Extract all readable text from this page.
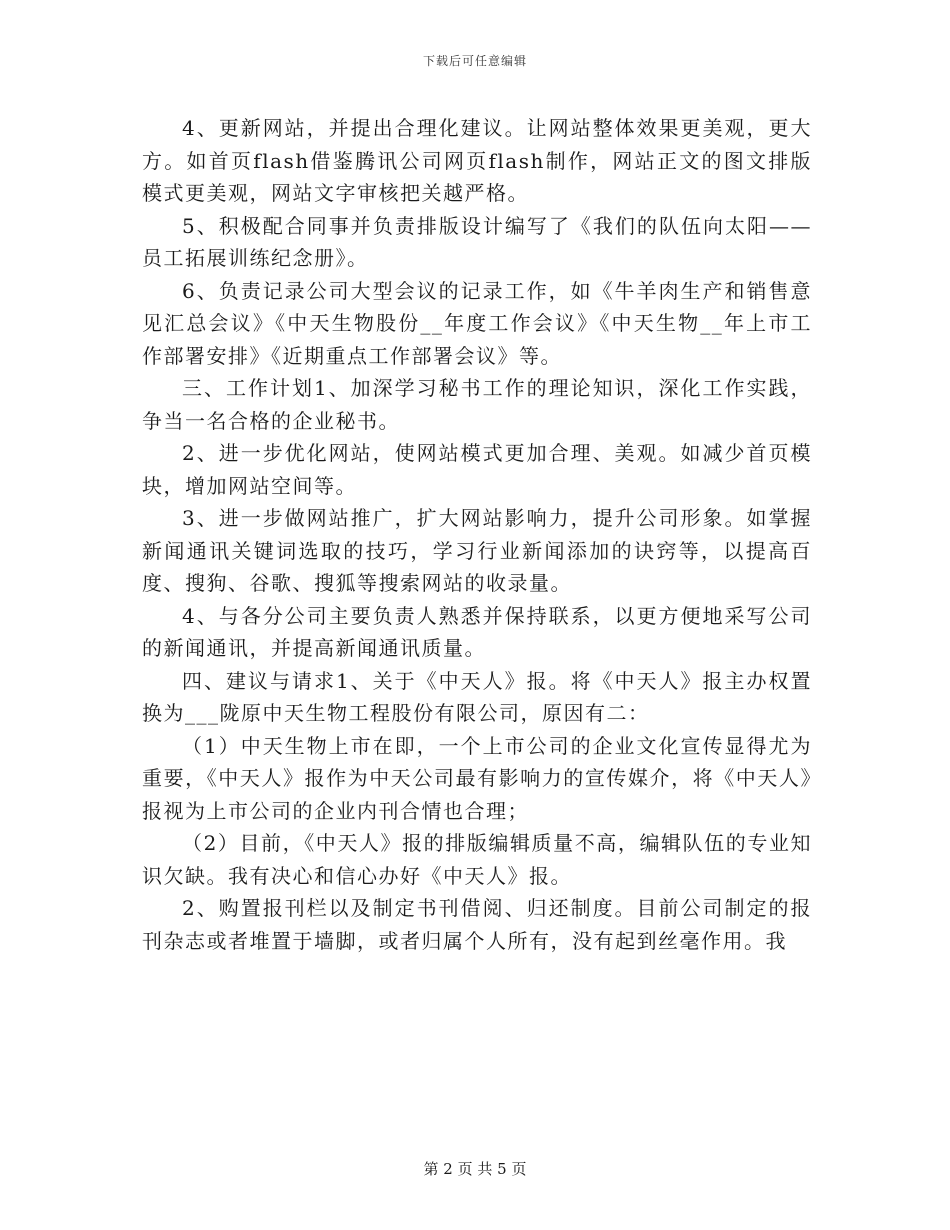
下载后可任意编辑

4、更新网站，并提出合理化建议。让网站整体效果更美观，更大方。如首页flash借鉴腾讯公司网页flash制作，网站正文的图文排版模式更美观，网站文字审核把关越严格。

5、积极配合同事并负责排版设计编写了《我们的队伍向太阳——员工拓展训练纪念册》。

6、负责记录公司大型会议的记录工作，如《牛羊肉生产和销售意见汇总会议》《中天生物股份__年度工作会议》《中天生物__年上市工作部署安排》《近期重点工作部署会议》等。

三、工作计划1、加深学习秘书工作的理论知识，深化工作实践，争当一名合格的企业秘书。

2、进一步优化网站，使网站模式更加合理、美观。如减少首页模块，增加网站空间等。

3、进一步做网站推广，扩大网站影响力，提升公司形象。如掌握新闻通讯关键词选取的技巧，学习行业新闻添加的诀窍等，以提高百度、搜狗、谷歌、搜狐等搜索网站的收录量。

4、与各分公司主要负责人熟悉并保持联系，以更方便地采写公司的新闻通讯，并提高新闻通讯质量。

四、建议与请求1、关于《中天人》报。将《中天人》报主办权置换为___陇原中天生物工程股份有限公司，原因有二：

（1）中天生物上市在即，一个上市公司的企业文化宣传显得尤为重要，《中天人》报作为中天公司最有影响力的宣传媒介，将《中天人》报视为上市公司的企业内刊合情也合理；

（2）目前，《中天人》报的排版编辑质量不高，编辑队伍的专业知识欠缺。我有决心和信心办好《中天人》报。

2、购置报刊栏以及制定书刊借阅、归还制度。目前公司制定的报刊杂志或者堆置于墙脚，或者归属个人所有，没有起到丝毫作用。我

第 2 页 共 5 页
